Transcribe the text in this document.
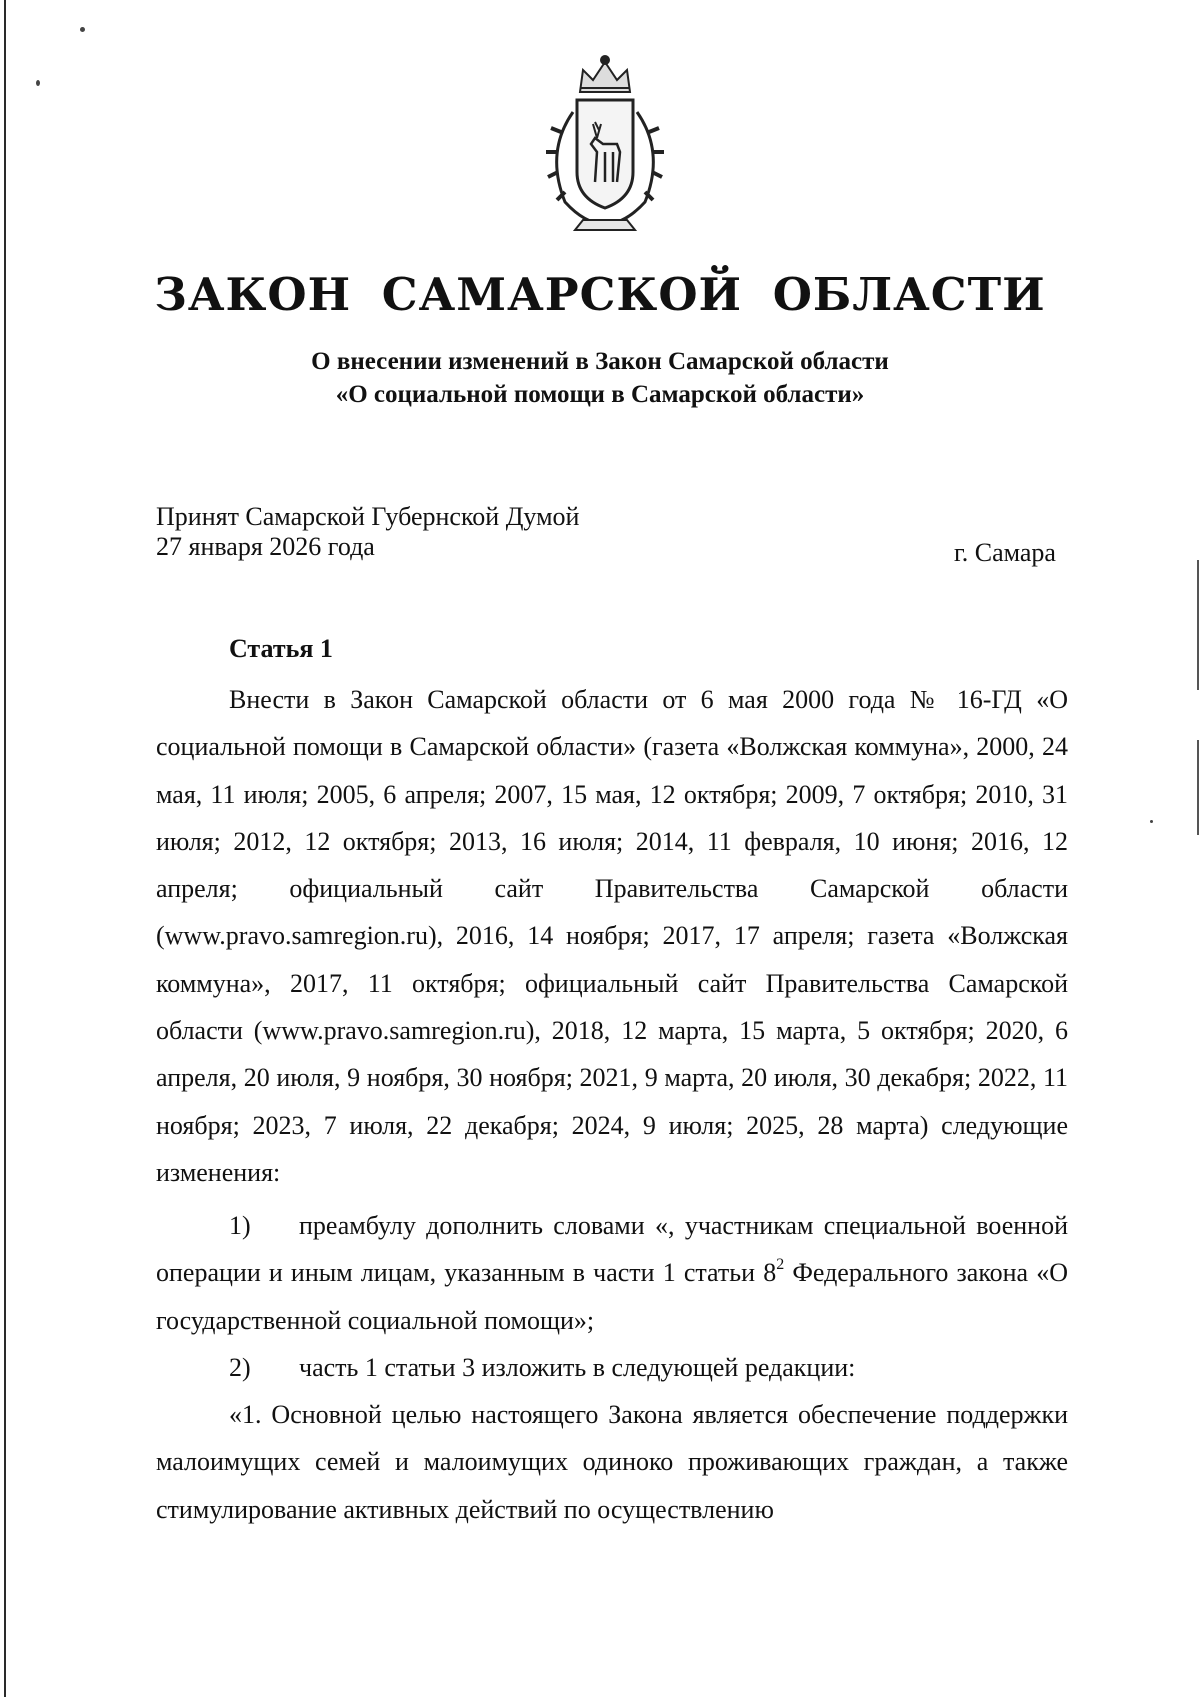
ЗАКОН САМАРСКОЙ ОБЛАСТИ
О внесении изменений в Закон Самарской области
«О социальной помощи в Самарской области»
Принят Самарской Губернской Думой
27 января 2026 года	г. Самара
Статья 1

Внести в Закон Самарской области от 6 мая 2000 года № 16-ГД «О социальной помощи в Самарской области» (газета «Волжская коммуна», 2000, 24 мая, 11 июля; 2005, 6 апреля; 2007, 15 мая, 12 октября; 2009, 7 октября; 2010, 31 июля; 2012, 12 октября; 2013, 16 июля; 2014, 11 февраля, 10 июня; 2016, 12 апреля; официальный сайт Правительства Самарской области (www.pravo.samregion.ru), 2016, 14 ноября; 2017, 17 апреля; газета «Волжская коммуна», 2017, 11 октября; официальный сайт Правительства Самарской области (www.pravo.samregion.ru), 2018, 12 марта, 15 марта, 5 октября; 2020, 6 апреля, 20 июля, 9 ноября, 30 ноября; 2021, 9 марта, 20 июля, 30 декабря; 2022, 11 ноября; 2023, 7 июля, 22 декабря; 2024, 9 июля; 2025, 28 марта) следующие изменения:

1) преамбулу дополнить словами «, участникам специальной военной операции и иным лицам, указанным в части 1 статьи $8^2$ Федерального закона «О государственной социальной помощи»;

2) часть 1 статьи 3 изложить в следующей редакции:

«1. Основной целью настоящего Закона является обеспечение поддержки малоимущих семей и малоимущих одиноко проживающих граждан, а также стимулирование активных действий по осуществлению
